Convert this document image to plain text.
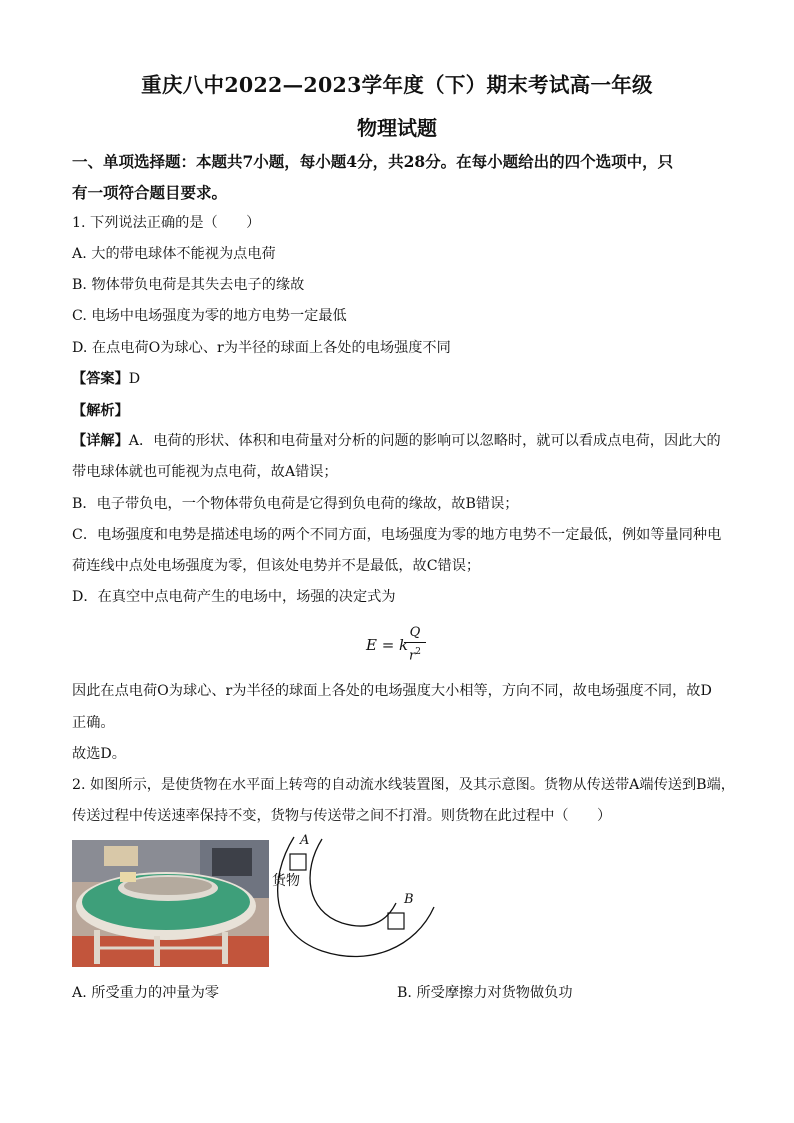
重庆八中2022—2023学年度（下）期末考试高一年级
物理试题
一、单项选择题：本题共7小题，每小题4分，共28分。在每小题给出的四个选项中，只
有一项符合题目要求。
1. 下列说法正确的是（　　）
A. 大的带电球体不能视为点电荷
B. 物体带负电荷是其失去电子的缘故
C. 电场中电场强度为零的地方电势一定最低
D. 在点电荷O为球心、r为半径的球面上各处的电场强度不同
【答案】D
【解析】
【详解】A．电荷的形状、体积和电荷量对分析的问题的影响可以忽略时，就可以看成点电荷，因此大的
带电球体就也可能视为点电荷，故A错误；
B．电子带负电，一个物体带负电荷是它得到负电荷的缘故，故B错误；
C．电场强度和电势是描述电场的两个不同方面，电场强度为零的地方电势不一定最低，例如等量同种电
荷连线中点处电场强度为零，但该处电势并不是最低，故C错误；
D．在真空中点电荷产生的电场中，场强的决定式为
E = k
Q
$r^2$
因此在点电荷O为球心、r为半径的球面上各处的电场强度大小相等，方向不同，故电场强度不同，故D
正确。
故选D。
2. 如图所示，是使货物在水平面上转弯的自动流水线装置图，及其示意图。货物从传送带A端传送到B端，
传送过程中传送速率保持不变，货物与传送带之间不打滑。则货物在此过程中（　　）
A
B
货物
A. 所受重力的冲量为零	B. 所受摩擦力对货物做负功
